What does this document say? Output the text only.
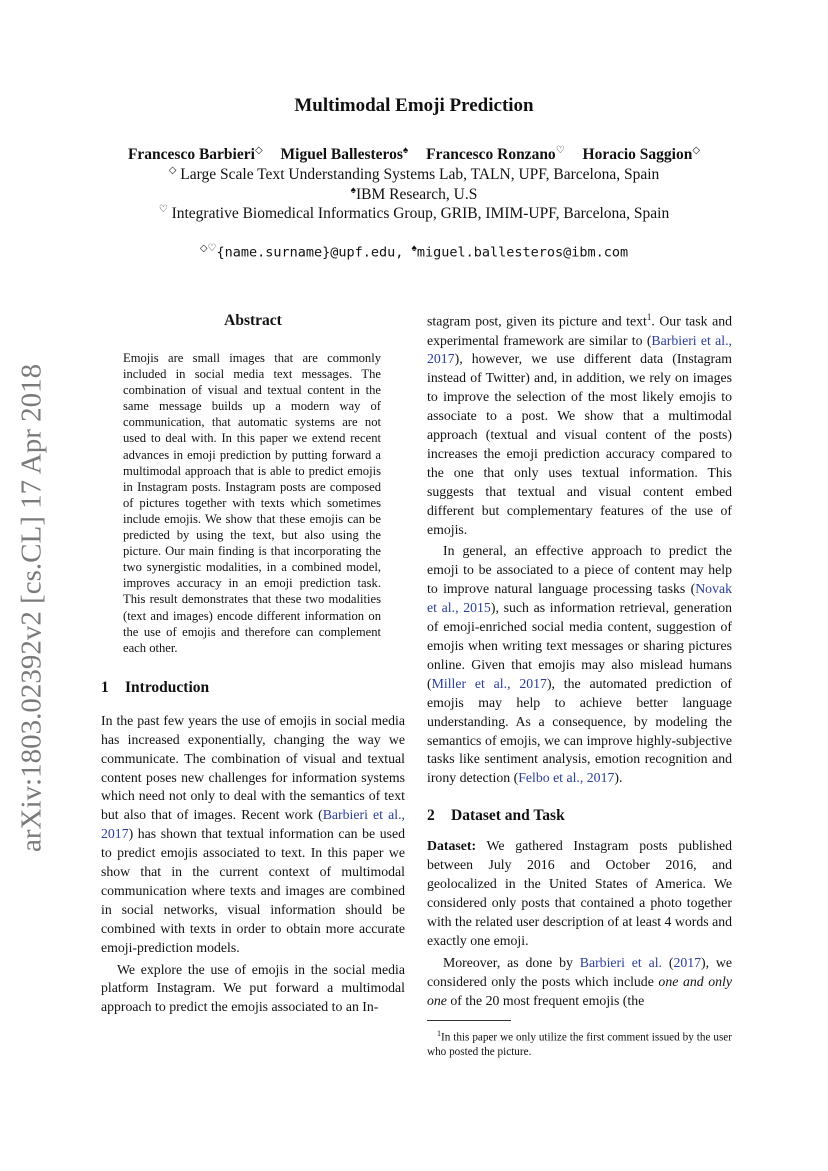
arXiv:1803.02392v2 [cs.CL] 17 Apr 2018
Multimodal Emoji Prediction
Francesco Barbieri◇ Miguel Ballesteros♠ Francesco Ronzano♡ Horacio Saggion◇
◇ Large Scale Text Understanding Systems Lab, TALN, UPF, Barcelona, Spain
♠IBM Research, U.S
♡ Integrative Biomedical Informatics Group, GRIB, IMIM-UPF, Barcelona, Spain
◇♡{name.surname}@upf.edu, ♠miguel.ballesteros@ibm.com
Abstract

Emojis are small images that are commonly included in social media text messages. The combination of visual and textual content in the same message builds up a modern way of communication, that automatic systems are not used to deal with. In this paper we extend recent advances in emoji prediction by putting forward a multimodal approach that is able to predict emojis in Instagram posts. Instagram posts are composed of pictures together with texts which sometimes include emojis. We show that these emojis can be predicted by using the text, but also using the picture. Our main finding is that incorporating the two synergistic modalities, in a combined model, improves accuracy in an emoji prediction task. This result demonstrates that these two modalities (text and images) encode different information on the use of emojis and therefore can complement each other.

1 Introduction

In the past few years the use of emojis in social media has increased exponentially, changing the way we communicate. The combination of visual and textual content poses new challenges for information systems which need not only to deal with the semantics of text but also that of images. Recent work (Barbieri et al., 2017) has shown that textual information can be used to predict emojis associated to text. In this paper we show that in the current context of multimodal communication where texts and images are combined in social networks, visual information should be combined with texts in order to obtain more accurate emoji-prediction models.

We explore the use of emojis in the social media platform Instagram. We put forward a multimodal approach to predict the emojis associated to an In-

stagram post, given its picture and text$^1$. Our task and experimental framework are similar to (Barbieri et al., 2017), however, we use different data (Instagram instead of Twitter) and, in addition, we rely on images to improve the selection of the most likely emojis to associate to a post. We show that a multimodal approach (textual and visual content of the posts) increases the emoji prediction accuracy compared to the one that only uses textual information. This suggests that textual and visual content embed different but complementary features of the use of emojis.

In general, an effective approach to predict the emoji to be associated to a piece of content may help to improve natural language processing tasks (Novak et al., 2015), such as information retrieval, generation of emoji-enriched social media content, suggestion of emojis when writing text messages or sharing pictures online. Given that emojis may also mislead humans (Miller et al., 2017), the automated prediction of emojis may help to achieve better language understanding. As a consequence, by modeling the semantics of emojis, we can improve highly-subjective tasks like sentiment analysis, emotion recognition and irony detection (Felbo et al., 2017).

2 Dataset and Task

Dataset: We gathered Instagram posts published between July 2016 and October 2016, and geolocalized in the United States of America. We considered only posts that contained a photo together with the related user description of at least 4 words and exactly one emoji.

Moreover, as done by Barbieri et al. (2017), we considered only the posts which include one and only one of the 20 most frequent emojis (the

$^1$In this paper we only utilize the first comment issued by the user who posted the picture.
